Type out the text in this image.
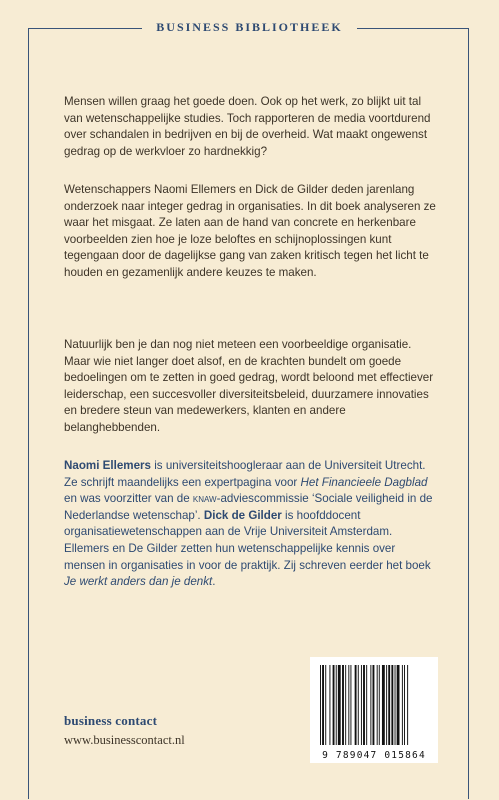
BUSINESS BIBLIOTHEEK

Mensen willen graag het goede doen. Ook op het werk, zo blijkt uit tal van wetenschappelijke studies. Toch rapporteren de media voortdurend over schandalen in bedrijven en bij de overheid. Wat maakt ongewenst gedrag op de werkvloer zo hardnekkig?

Wetenschappers Naomi Ellemers en Dick de Gilder deden jarenlang onderzoek naar integer gedrag in organisaties. In dit boek analyseren ze waar het misgaat. Ze laten aan de hand van concrete en herkenbare voorbeelden zien hoe je loze beloftes en schijnoplossingen kunt tegengaan door de dagelijkse gang van zaken kritisch tegen het licht te houden en gezamenlijk andere keuzes te maken.

Natuurlijk ben je dan nog niet meteen een voorbeeldige organisatie. Maar wie niet langer doet alsof, en de krachten bundelt om goede bedoelingen om te zetten in goed gedrag, wordt beloond met effectiever leiderschap, een succesvoller diversiteitsbeleid, duurzamere innovaties en bredere steun van medewerkers, klanten en andere belanghebbenden.

Naomi Ellemers is universiteitshoogleraar aan de Universiteit Utrecht. Ze schrijft maandelijks een expertpagina voor Het Financieele Dagblad en was voorzitter van de knaw-adviescommissie ‘Sociale veiligheid in de Nederlandse wetenschap’. Dick de Gilder is hoofddocent organisatiewetenschappen aan de Vrije Universiteit Amsterdam. Ellemers en De Gilder zetten hun wetenschappelijke kennis over mensen in organisaties in voor de praktijk. Zij schreven eerder het boek Je werkt anders dan je denkt.

business contact
www.businesscontact.nl
9 789047 015864
